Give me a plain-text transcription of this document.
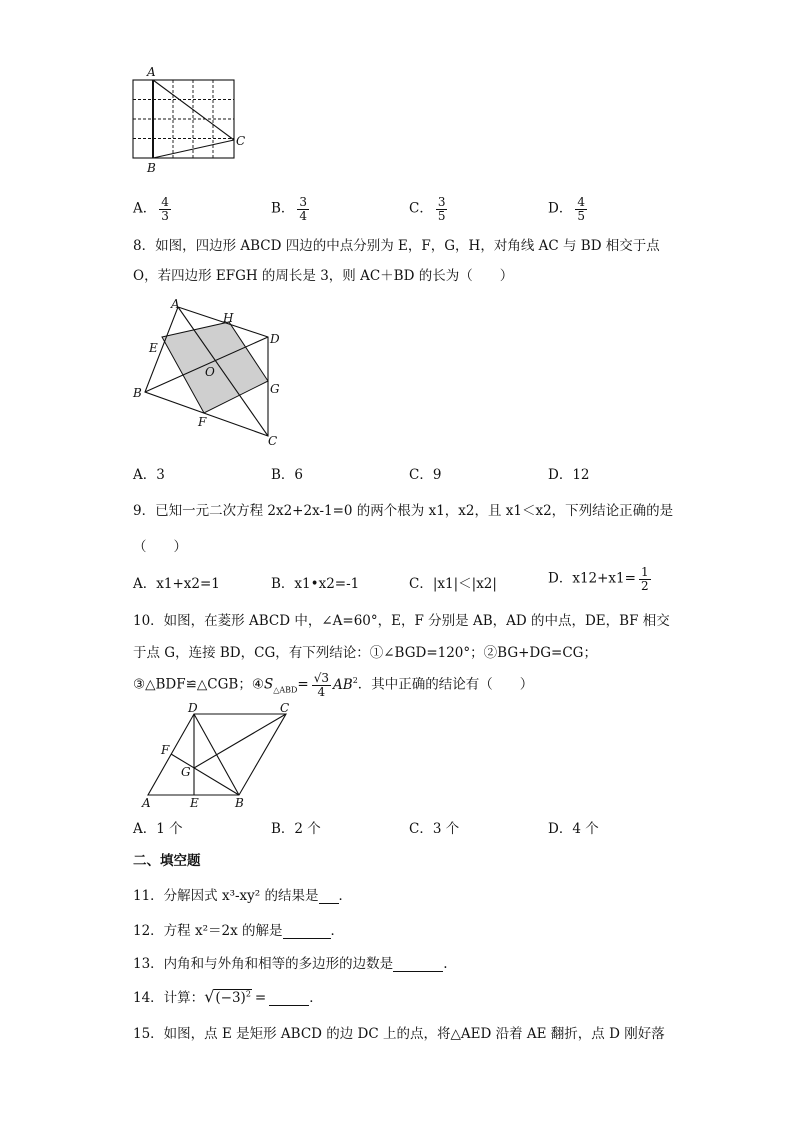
A
B
C
A． $\frac{4}{3}$	B． $\frac{3}{4}$	C． $\frac{3}{5}$	D． $\frac{4}{5}$
8．如图，四边形 ABCD 四边的中点分别为 E，F，G，H，对角线 AC 与 BD 相交于点
O，若四边形 EFGH 的周长是 3，则 AC＋BD 的长为（　　）
A
B
C
D
E
F
G
H
O
A．3	B．6	C．9	D．12
9．已知一元二次方程 2x2+2x-1=0 的两个根为 x1，x2，且 x1＜x2，下列结论正确的是
（　　）
A．x1+x2=1	B．x1•x2=-1	C．|x1|＜|x2|	D．$x12+x1= \frac{1}{2}$
10．如图，在菱形 ABCD 中，∠A=60°，E，F 分别是 AB，AD 的中点，DE，BF 相交
于点 G，连接 BD，CG，有下列结论：①∠BGD=120°；②BG+DG=CG；
③△BDF≌△CGB；$④S_{\triangle ABD}= \frac{√3}{4} AB^2$．其中正确的结论有（　　）
D	C
A	E	B
F
G
A．1 个	B．2 个	C．3 个	D．4 个
二、填空题
11．分解因式 x³-xy² 的结果是 ．
12．方程 x²＝2x 的解是	．
13．内角和与外角和相等的多边形的边数是	.
14．计算：$√(-3)^2$ =	．
15．如图，点 E 是矩形 ABCD 的边 DC 上的点，将△AED 沿着 AE 翻折，点 D 刚好落
